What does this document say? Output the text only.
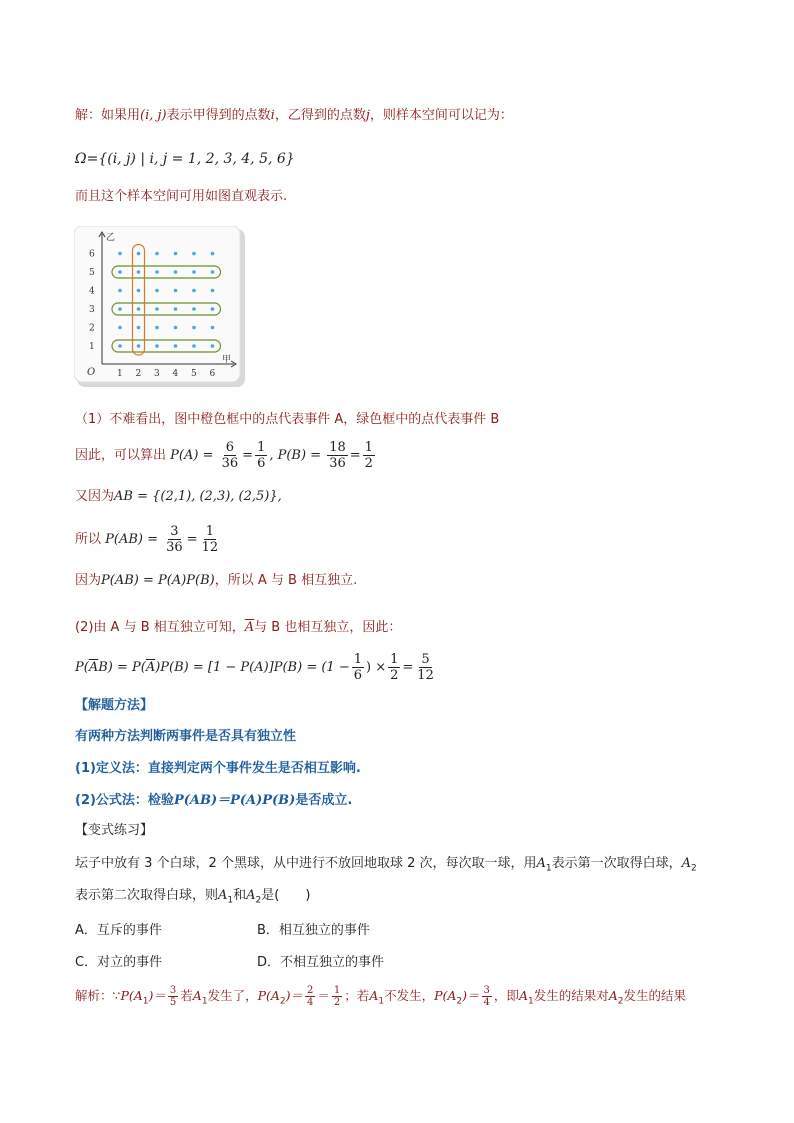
解：如果用(i, j)表示甲得到的点数i，乙得到的点数j，则样本空间可以记为：
Ω={(i, j) | i, j = 1, 2, 3, 4, 5, 6}
而且这个样本空间可用如图直观表示.
乙
甲
O 1 2 3 4 5 6
1
2
3
4
5
6
（1）不难看出，图中橙色框中的点代表事件 A，绿色框中的点代表事件 B
因此，可以算出 $P(A) = \frac{6}{36} = \frac{1}{6}$ , $P(B) = \frac{18}{36} = \frac{1}{2}$
又因为AB = {(2,1), (2,3), (2,5)},
所以 $P(AB) = \frac{3}{36} = \frac{1}{12}$
因为P(AB) = P(A)P(B)，所以 A 与 B 相互独立.
(2)由 A 与 B 相互独立可知，$\overline{A}$与 B 也相互独立，因此：
$P(\overline{A}B) = P(\overline{A})P(B) = [1 - P(A)]P(B) = (1 - \frac{1}{6}$ ) × $\frac{1}{2} = \frac{5}{12}$
【解题方法】
有两种方法判断两事件是否具有独立性
(1)定义法：直接判定两个事件发生是否相互影响.
(2)公式法：检验P(AB)＝P(A)P(B)是否成立.
【变式练习】
坛子中放有 3 个白球，2 个黑球，从中进行不放回地取球 2 次，每次取一球，用$A_1$表示第一次取得白球，$A_2$
表示第二次取得白球，则$A_1$和$A_2$是(　　)
A．互斥的事件	B．相互独立的事件
C．对立的事件	D．不相互独立的事件
解析：$\because P(A_1)= \frac{3}{5}$ 若$A_1$发生了，$P(A_2)= \frac{2}{4} = \frac{1}{2}$ ；若$A_1$不发生，$P(A_2)= \frac{3}{4}$ ，即$A_1$发生的结果对$A_2$发生的结果
